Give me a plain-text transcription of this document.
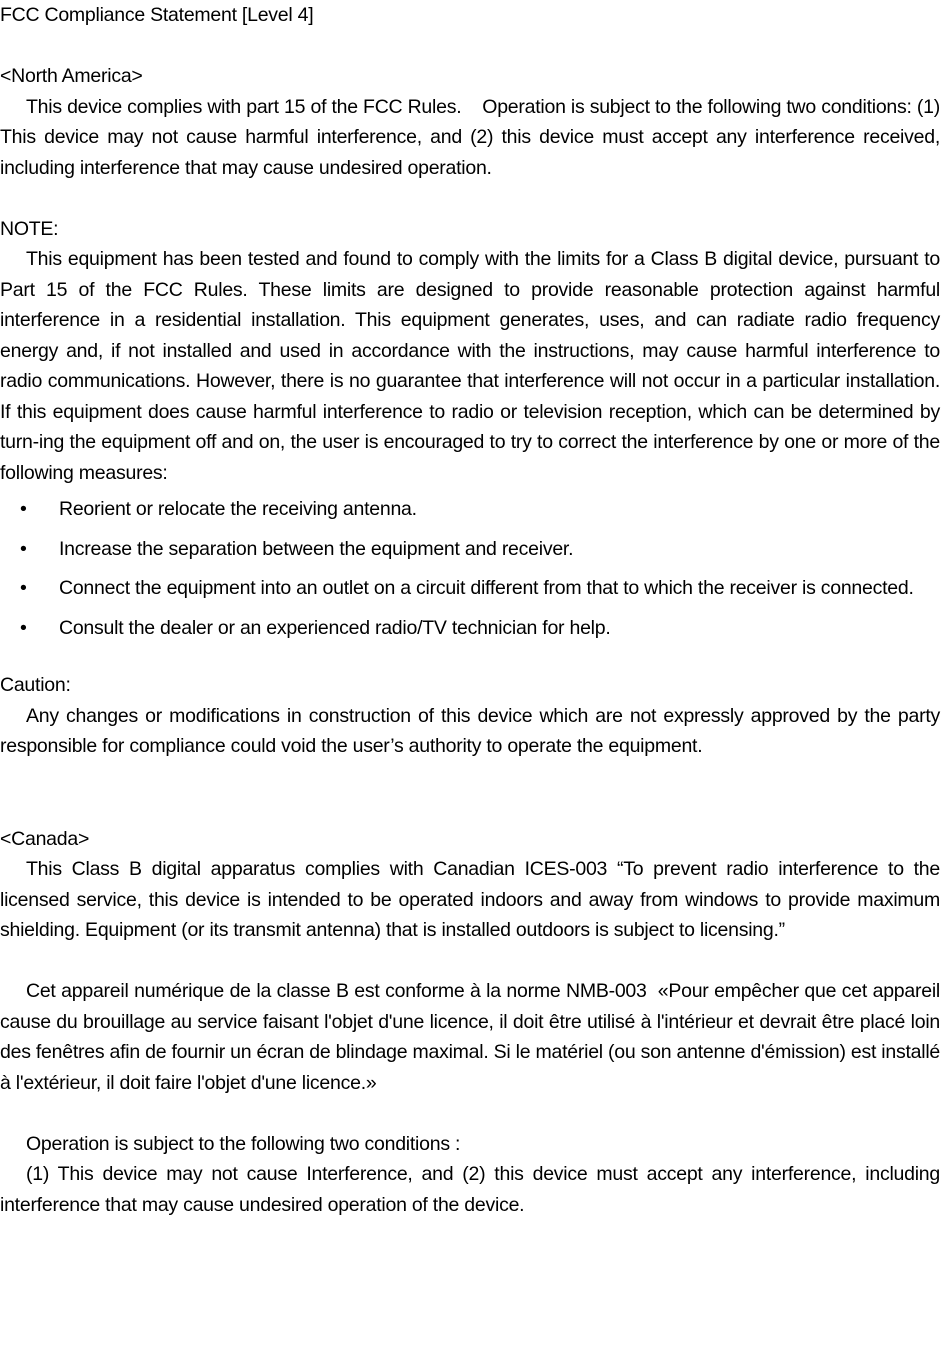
FCC Compliance Statement [Level 4]
<North America>

This device complies with part 15 of the FCC Rules.    Operation is subject to the following two conditions: (1) This device may not cause harmful interference, and (2) this device must accept any interference received, including interference that may cause undesired operation.

NOTE:

This equipment has been tested and found to comply with the limits for a Class B digital device, pursuant to Part 15 of the FCC Rules. These limits are designed to provide reasonable protection against harmful interference in a residential installation. This equipment generates, uses, and can radiate radio frequency energy and, if not installed and used in accordance with the instructions, may cause harmful interference to radio communications. However, there is no guarantee that interference will not occur in a particular installation. If this equipment does cause harmful interference to radio or television reception, which can be determined by turn-ing the equipment off and on, the user is encouraged to try to correct the interference by one or more of the following measures:

• Reorient or relocate the receiving antenna.
• Increase the separation between the equipment and receiver.
• Connect the equipment into an outlet on a circuit different from that to which the receiver is connected.
• Consult the dealer or an experienced radio/TV technician for help.
Caution:

Any changes or modifications in construction of this device which are not expressly approved by the party responsible for compliance could void the user’s authority to operate the equipment.

<Canada>

This Class B digital apparatus complies with Canadian ICES-003 “To prevent radio interference to the licensed service, this device is intended to be operated indoors and away from windows to provide maximum shielding. Equipment (or its transmit antenna) that is installed outdoors is subject to licensing.”

Cet appareil numérique de la classe B est conforme à la norme NMB-003  «Pour empêcher que cet appareil cause du brouillage au service faisant l'objet d'une licence, il doit être utilisé à l'intérieur et devrait être placé loin des fenêtres afin de fournir un écran de blindage maximal. Si le matériel (ou son antenne d'émission) est installé à l'extérieur, il doit faire l'objet d'une licence.»

Operation is subject to the following two conditions :

(1) This device may not cause Interference, and (2) this device must accept any interference, including interference that may cause undesired operation of the device.
